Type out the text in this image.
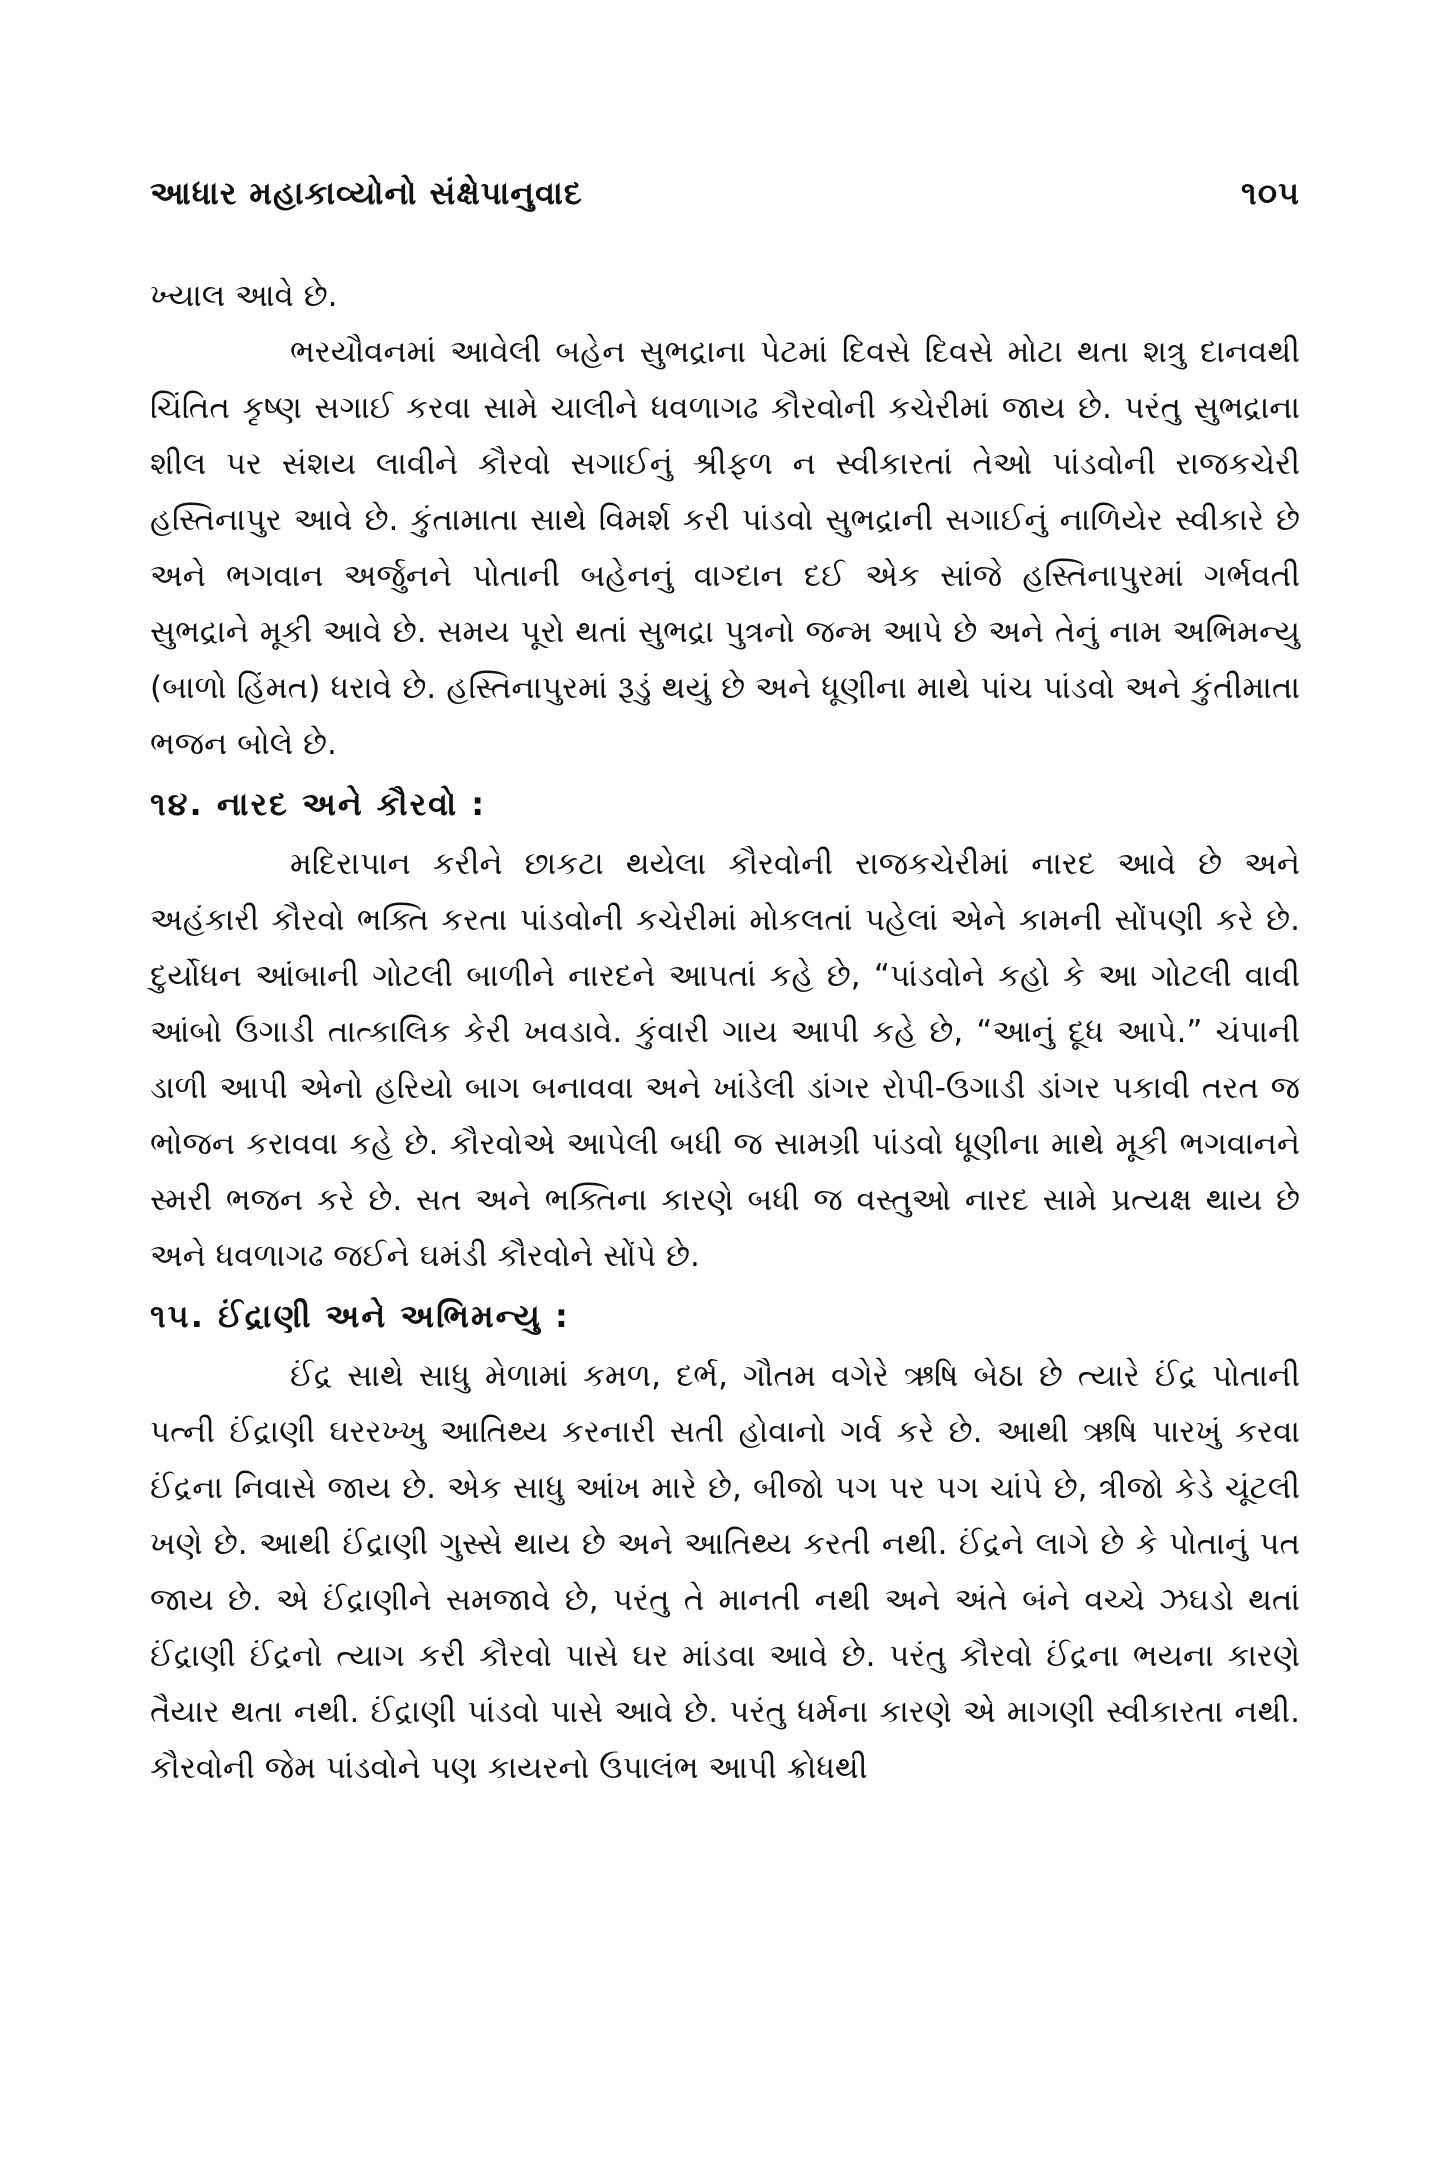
આધાર મહાકાવ્યોનો સંક્ષેપાનુવાદ	૧૦૫

ખ્યાલ આવે છે.

ભરયૌવનમાં આવેલી બહેન સુભદ્રાના પેટમાં દિવસે દિવસે મોટા થતા શત્રુ દાનવથી ચિંતિત કૃષ્ણ સગાઈ કરવા સામે ચાલીને ધવળાગઢ કૌરવોની કચેરીમાં જાય છે. પરંતુ સુભદ્રાના શીલ પર સંશય લાવીને કૌરવો સગાઈનું શ્રીફળ ન સ્વીકારતાં તેઓ પાંડવોની રાજકચેરી હસ્તિનાપુર આવે છે. કુંતામાતા સાથે વિમર્શ કરી પાંડવો સુભદ્રાની સગાઈનું નાળિયેર સ્વીકારે છે અને ભગવાન અર્જુનને પોતાની બહેનનું વાગ્દાન દઈ એક સાંજે હસ્તિનાપુરમાં ગર્ભવતી સુભદ્રાને મૂકી આવે છે. સમય પૂરો થતાં સુભદ્રા પુત્રનો જન્મ આપે છે અને તેનું નામ અભિમન્યુ (બાળો હિંમત) ધરાવે છે. હસ્તિનાપુરમાં રૂડું થયું છે અને ધૂણીના માથે પાંચ પાંડવો અને કુંતીમાતા ભજન બોલે છે.

૧૪. નારદ અને કૌરવો :

મદિરાપાન કરીને છાકટા થયેલા કૌરવોની રાજકચેરીમાં નારદ આવે છે અને અહંકારી કૌરવો ભક્તિ કરતા પાંડવોની કચેરીમાં મોકલતાં પહેલાં એને કામની સોંપણી કરે છે. દુર્યોધન આંબાની ગોટલી બાળીને નારદને આપતાં કહે છે, “પાંડવોને કહો કે આ ગોટલી વાવી આંબો ઉગાડી તાત્કાલિક કેરી ખવડાવે. કુંવારી ગાય આપી કહે છે, “આનું દૂધ આપે.” ચંપાની ડાળી આપી એનો હરિયો બાગ બનાવવા અને ખાંડેલી ડાંગર રોપી-ઉગાડી ડાંગર પકાવી તરત જ ભોજન કરાવવા કહે છે. કૌરવોએ આપેલી બધી જ સામગ્રી પાંડવો ધૂણીના માથે મૂકી ભગવાનને સ્મરી ભજન કરે છે. સત અને ભક્તિના કારણે બધી જ વસ્તુઓ નારદ સામે પ્રત્યક્ષ થાય છે અને ધવળાગઢ જઈને ઘમંડી કૌરવોને સોંપે છે.

૧૫. ઈંદ્રાણી અને અભિમન્યુ :

ઈંદ્ર સાથે સાધુ મેળામાં કમળ, દર્ભ, ગૌતમ વગેરે ઋષિ બેઠા છે ત્યારે ઈંદ્ર પોતાની પત્ની ઈંદ્રાણી ઘરરખ્ખુ આતિથ્ય કરનારી સતી હોવાનો ગર્વ કરે છે. આથી ઋષિ પારખું કરવા ઈંદ્રના નિવાસે જાય છે. એક સાધુ આંખ મારે છે, બીજો પગ પર પગ ચાંપે છે, ત્રીજો કેડે ચૂંટલી ખણે છે. આથી ઈંદ્રાણી ગુસ્સે થાય છે અને આતિથ્ય કરતી નથી. ઈંદ્રને લાગે છે કે પોતાનું પત જાય છે. એ ઈંદ્રાણીને સમજાવે છે, પરંતુ તે માનતી નથી અને અંતે બંને વચ્ચે ઝઘડો થતાં ઈંદ્રાણી ઈંદ્રનો ત્યાગ કરી કૌરવો પાસે ઘર માંડવા આવે છે. પરંતુ કૌરવો ઈંદ્રના ભયના કારણે તૈયાર થતા નથી. ઈંદ્રાણી પાંડવો પાસે આવે છે. પરંતુ ધર્મના કારણે એ માગણી સ્વીકારતા નથી. કૌરવોની જેમ પાંડવોને પણ કાયરનો ઉપાલંભ આપી ક્રોધથી
